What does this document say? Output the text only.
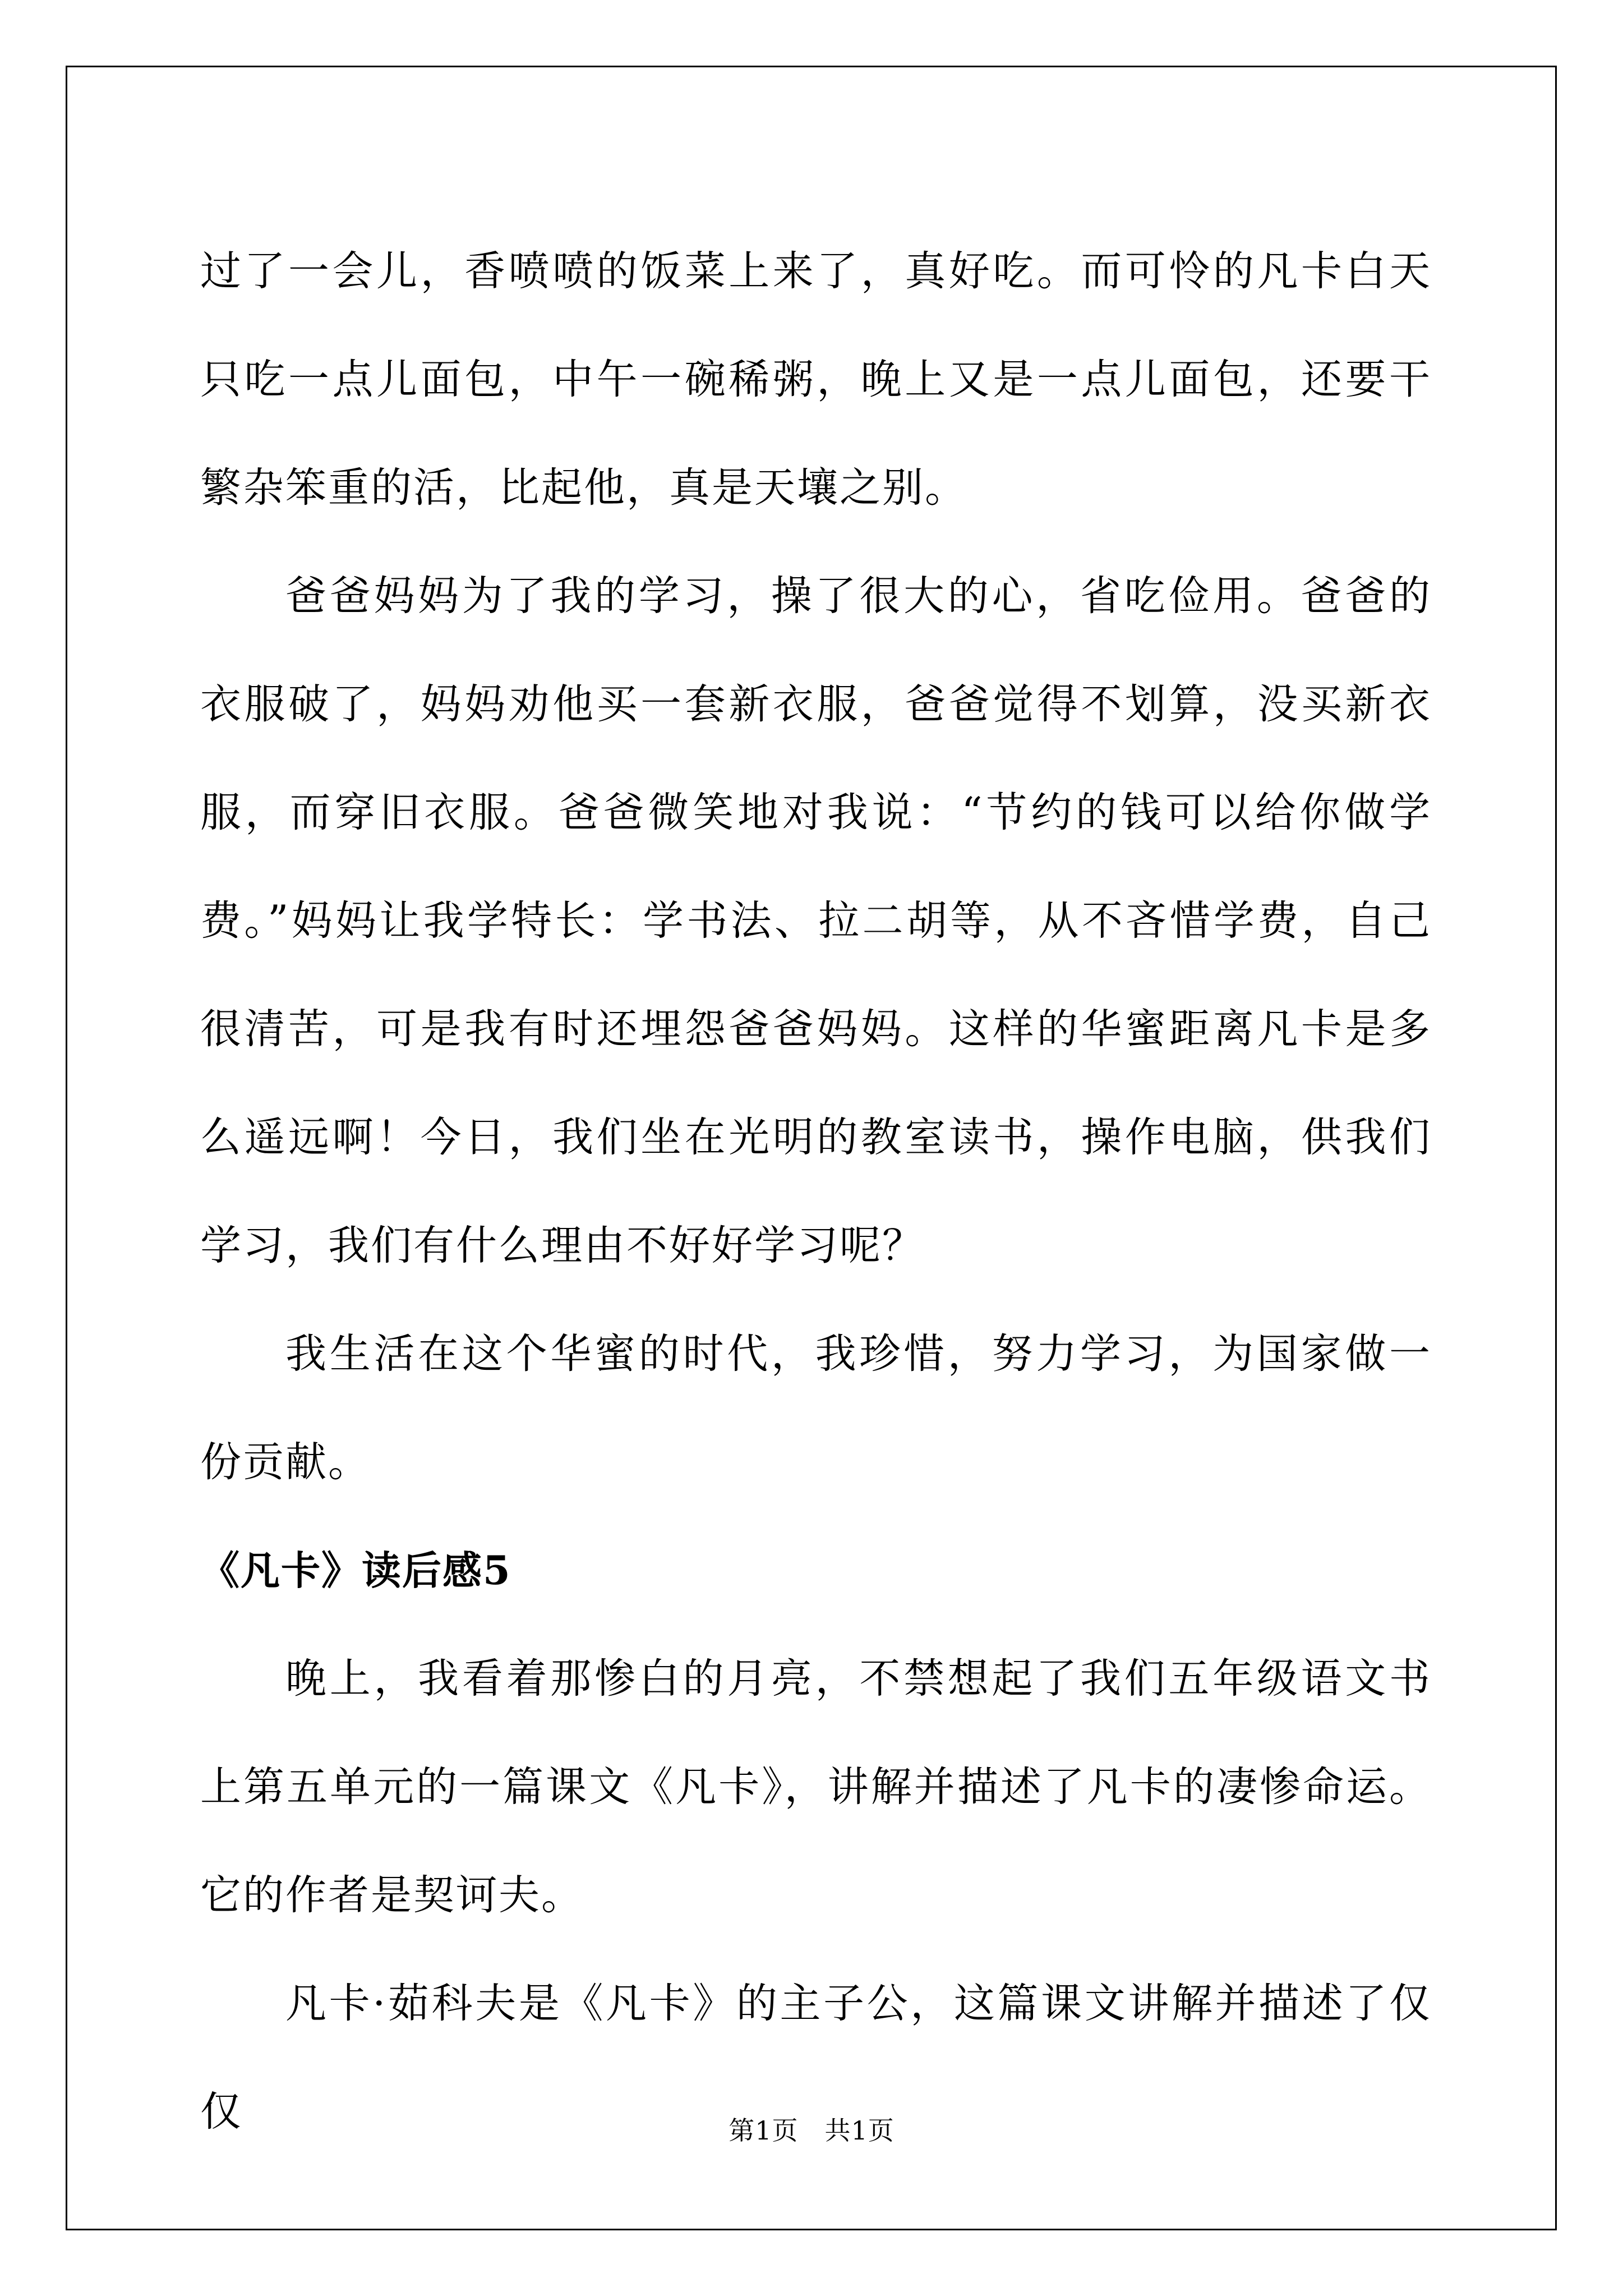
过了一会儿，香喷喷的饭菜上来了，真好吃。而可怜的凡卡白天只吃一点儿面包，中午一碗稀粥，晚上又是一点儿面包，还要干繁杂笨重的活，比起他，真是天壤之别。

爸爸妈妈为了我的学习，操了很大的心，省吃俭用。爸爸的衣服破了，妈妈劝他买一套新衣服，爸爸觉得不划算，没买新衣服，而穿旧衣服。爸爸微笑地对我说：“节约的钱可以给你做学费。”妈妈让我学特长：学书法、拉二胡等，从不吝惜学费，自己很清苦，可是我有时还埋怨爸爸妈妈。这样的华蜜距离凡卡是多么遥远啊！今日，我们坐在光明的教室读书，操作电脑，供我们学习，我们有什么理由不好好学习呢？

我生活在这个华蜜的时代，我珍惜，努力学习，为国家做一份贡献。

《凡卡》读后感5

晚上，我看着那惨白的月亮，不禁想起了我们五年级语文书上第五单元的一篇课文《凡卡》，讲解并描述了凡卡的凄惨命运。它的作者是契诃夫。

凡卡·茹科夫是《凡卡》的主子公，这篇课文讲解并描述了仅仅	第1页　共1页
